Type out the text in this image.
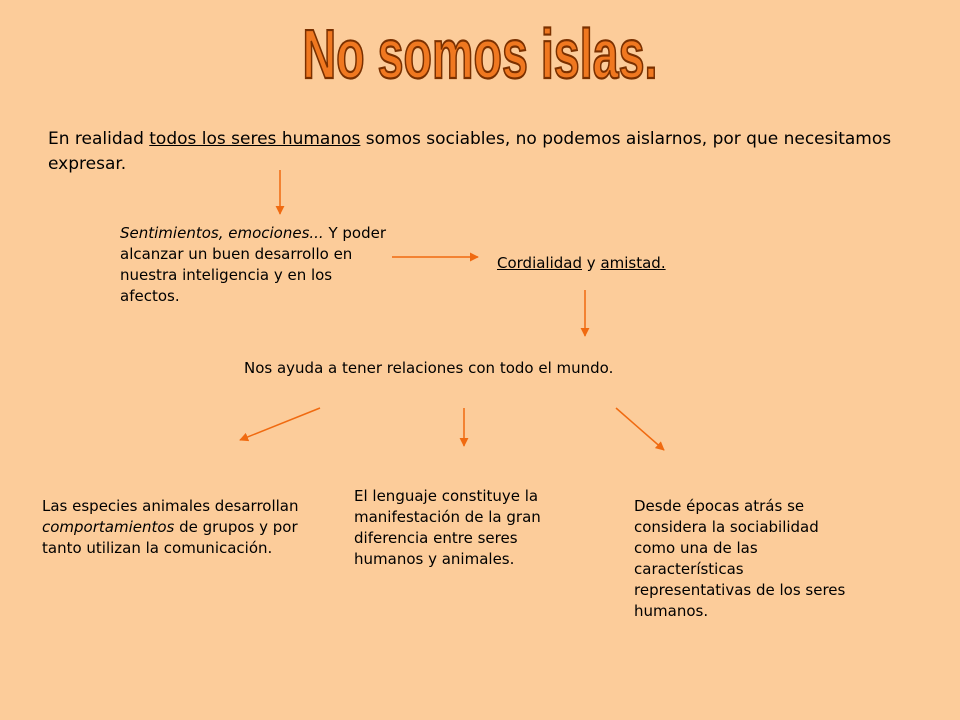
No somos islas.

En realidad todos los seres humanos somos sociables, no podemos aislarnos, por que necesitamos expresar.

Sentimientos, emociones... Y poder alcanzar un buen desarrollo en nuestra inteligencia y en los afectos.

Cordialidad y amistad.

Nos ayuda a tener relaciones con todo el mundo.

Las especies animales desarrollan comportamientos de grupos y por tanto utilizan la comunicación.

El lenguaje constituye la manifestación de la gran diferencia entre seres humanos y animales.

Desde épocas atrás se considera la sociabilidad como una de las características representativas de los seres humanos.
